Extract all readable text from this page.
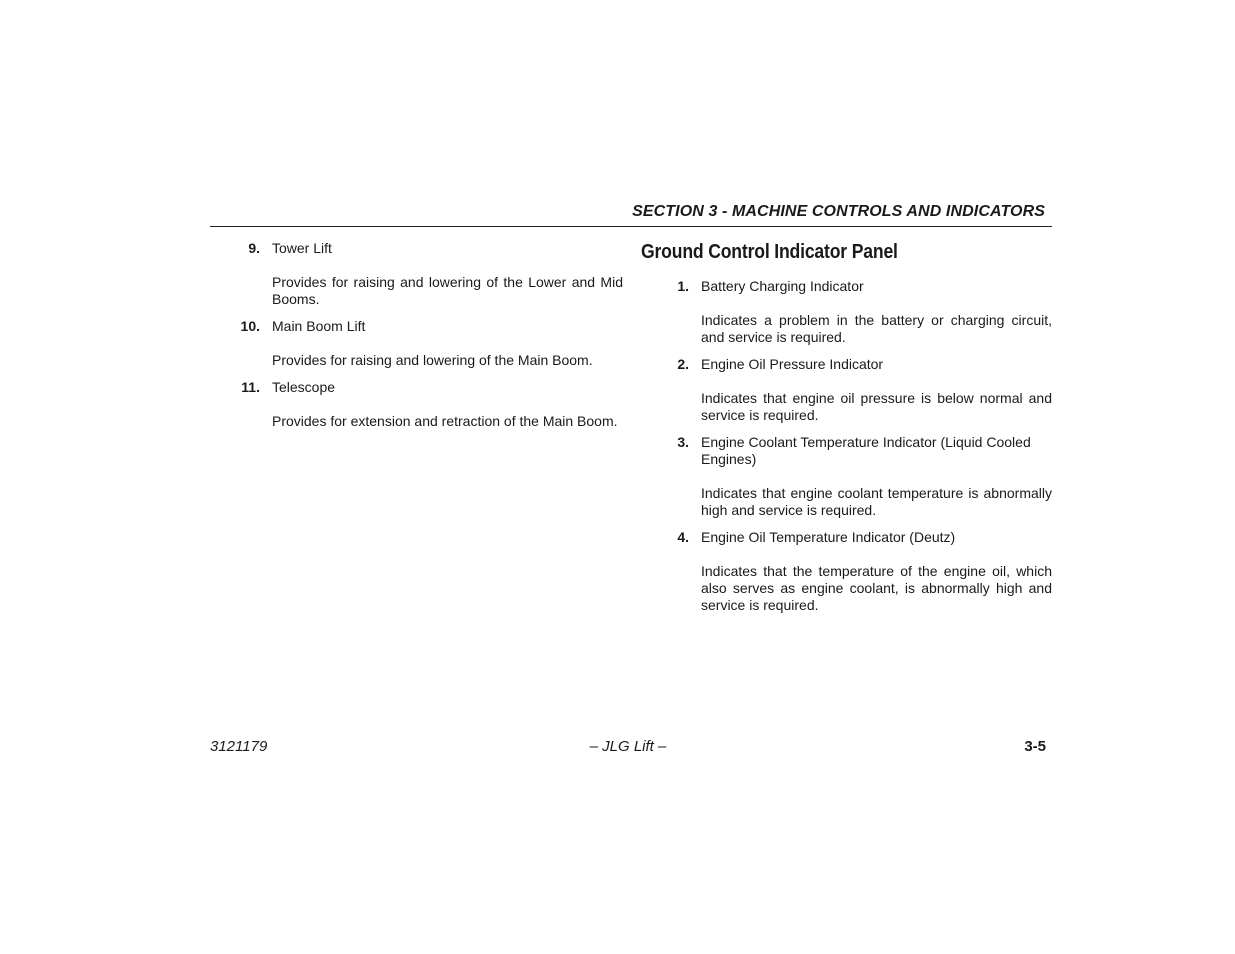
SECTION 3 - MACHINE CONTROLS AND INDICATORS
9. Tower Lift
Provides for raising and lowering of the Lower and Mid Booms.
10. Main Boom Lift
Provides for raising and lowering of the Main Boom.
11. Telescope
Provides for extension and retraction of the Main Boom.
Ground Control Indicator Panel
1. Battery Charging Indicator
Indicates a problem in the battery or charging circuit, and service is required.
2. Engine Oil Pressure Indicator
Indicates that engine oil pressure is below normal and service is required.
3. Engine Coolant Temperature Indicator (Liquid Cooled Engines)
Indicates that engine coolant temperature is abnormally high and service is required.
4. Engine Oil Temperature Indicator (Deutz)
Indicates that the temperature of the engine oil, which also serves as engine coolant, is abnormally high and service is required.
3121179	– JLG Lift –	3-5
